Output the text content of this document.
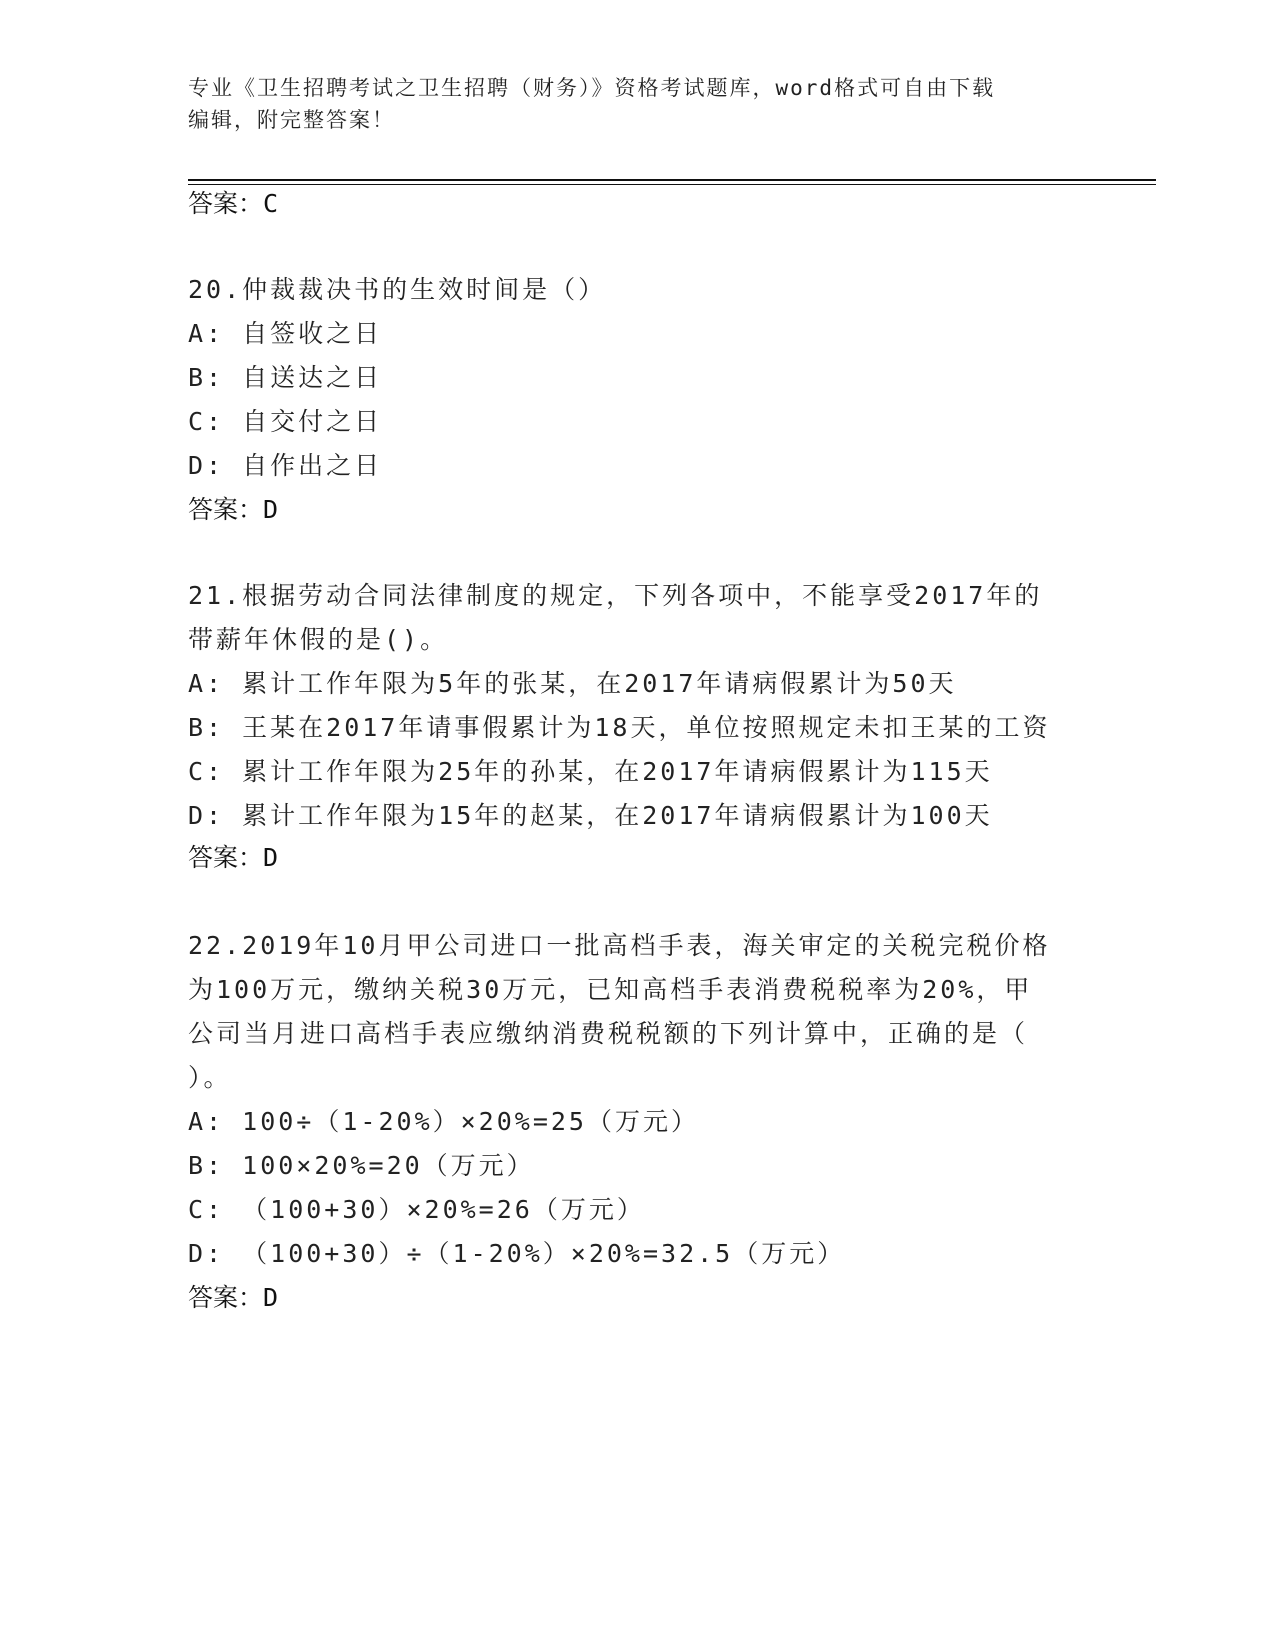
专业《卫生招聘考试之卫生招聘（财务）》资格考试题库，word格式可自由下载
编辑，附完整答案！
答案：C
20.仲裁裁决书的生效时间是（）
A: 自签收之日
B: 自送达之日
C: 自交付之日
D: 自作出之日
答案：D
21.根据劳动合同法律制度的规定，下列各项中，不能享受2017年的
带薪年休假的是()。
A: 累计工作年限为5年的张某，在2017年请病假累计为50天
B: 王某在2017年请事假累计为18天，单位按照规定未扣王某的工资
C: 累计工作年限为25年的孙某，在2017年请病假累计为115天
D: 累计工作年限为15年的赵某，在2017年请病假累计为100天
答案：D
22.2019年10月甲公司进口一批高档手表，海关审定的关税完税价格
为100万元，缴纳关税30万元，已知高档手表消费税税率为20%，甲
公司当月进口高档手表应缴纳消费税税额的下列计算中，正确的是（
）。
A: 100÷（1-20%）×20%=25（万元）
B: 100×20%=20（万元）
C: （100+30）×20%=26（万元）
D: （100+30）÷（1-20%）×20%=32.5（万元）
答案：D
